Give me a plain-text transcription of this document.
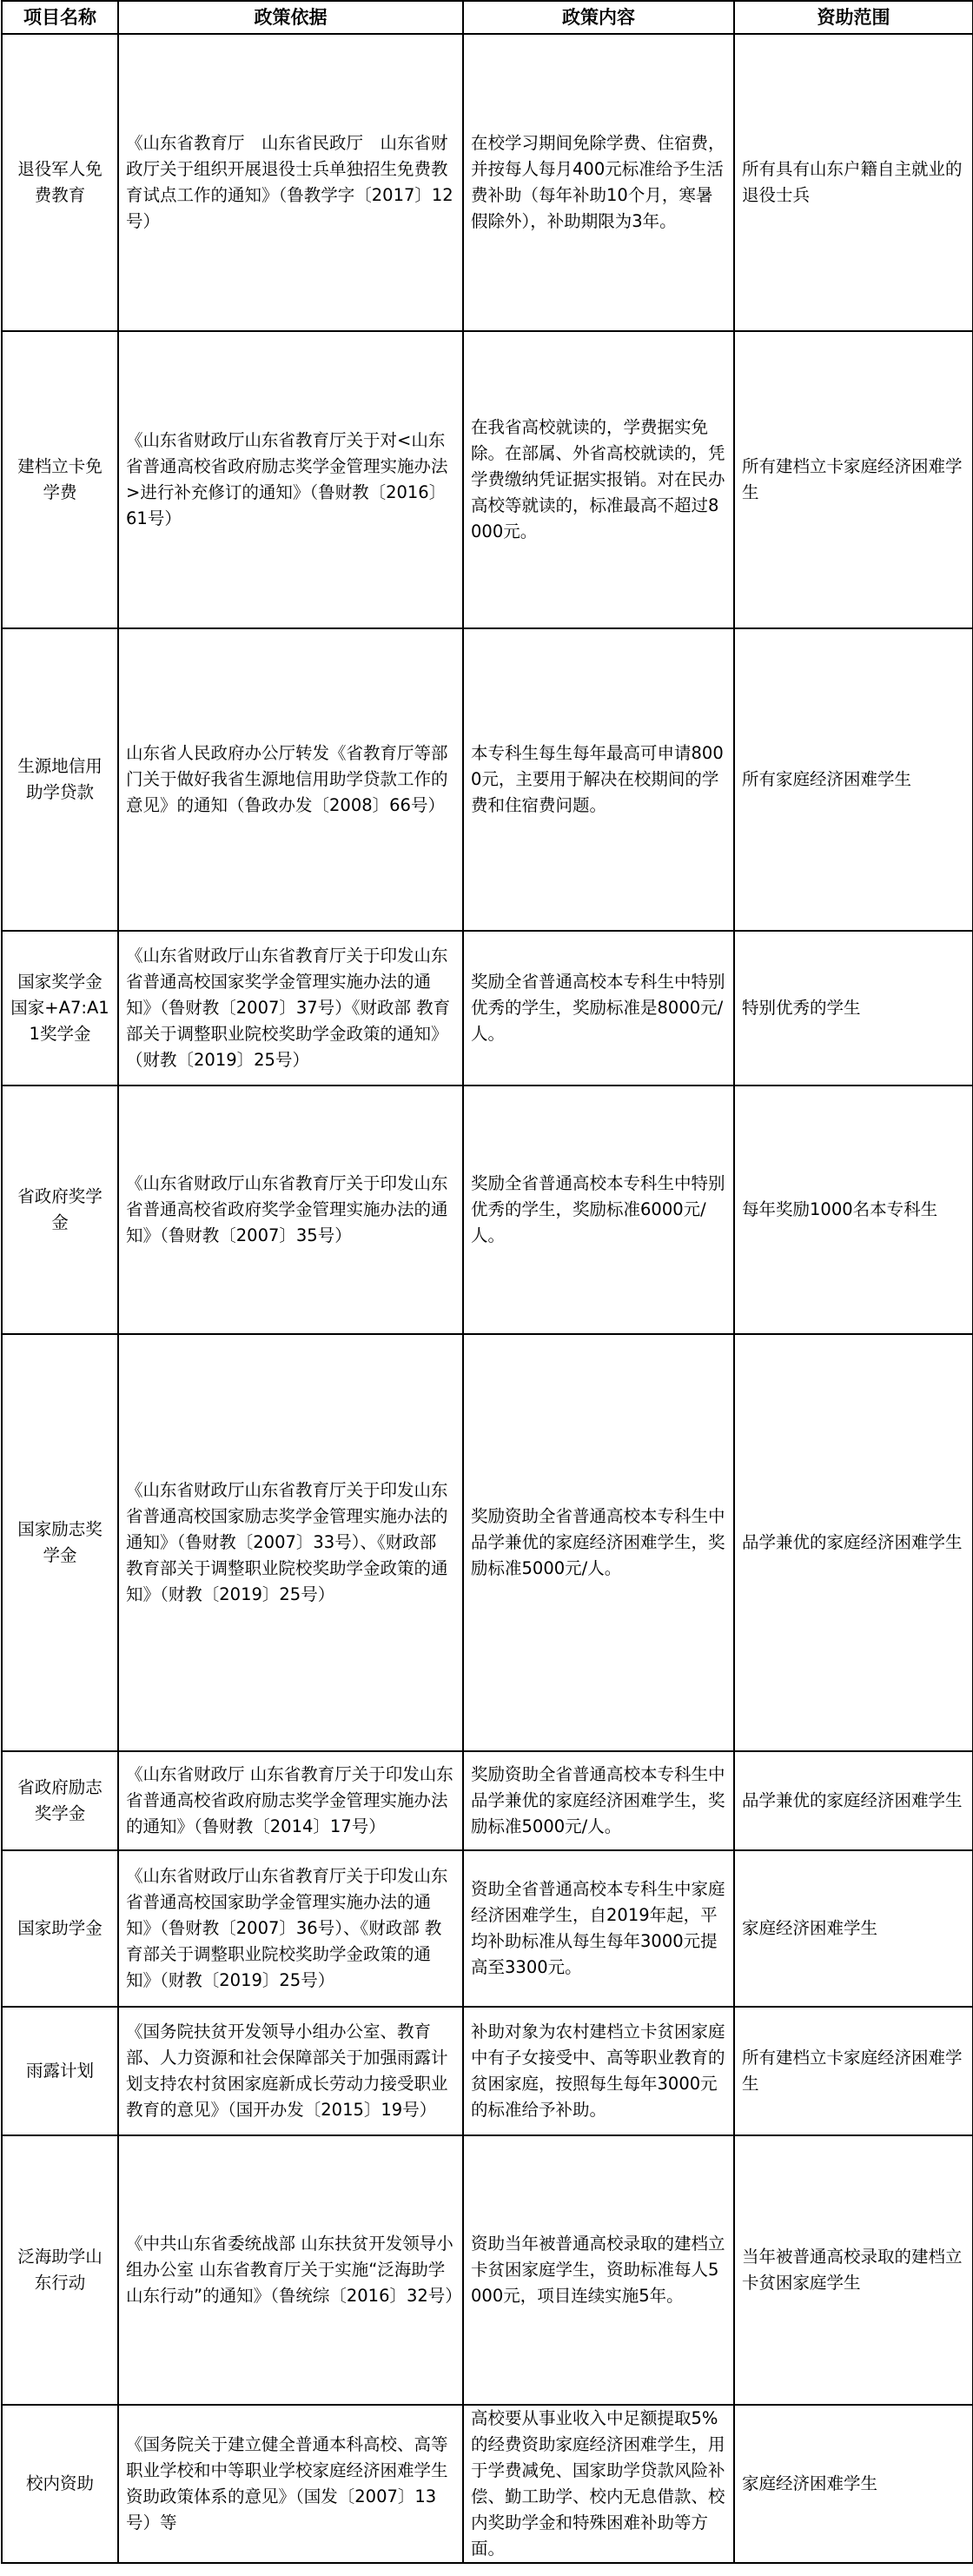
项目名称	政策依据	政策内容	资助范围
退役军人免费教育	《山东省教育厅　山东省民政厅　山东省财政厅关于组织开展退役士兵单独招生免费教育试点工作的通知》（鲁教学字〔2017〕12号）	在校学习期间免除学费、住宿费，并按每人每月400元标准给予生活费补助（每年补助10个月，寒暑假除外），补助期限为3年。	所有具有山东户籍自主就业的退役士兵
建档立卡免学费	《山东省财政厅山东省教育厅关于对<山东省普通高校省政府励志奖学金管理实施办法>进行补充修订的通知》（鲁财教〔2016〕61号）	在我省高校就读的，学费据实免除。在部属、外省高校就读的，凭学费缴纳凭证据实报销。对在民办高校等就读的，标准最高不超过8000元。	所有建档立卡家庭经济困难学生
生源地信用助学贷款	山东省人民政府办公厅转发《省教育厅等部门关于做好我省生源地信用助学贷款工作的意见》的通知（鲁政办发〔2008〕66号）	本专科生每生每年最高可申请8000元，主要用于解决在校期间的学费和住宿费问题。	所有家庭经济困难学生
国家奖学金国家+A7:A11奖学金	《山东省财政厅山东省教育厅关于印发山东省普通高校国家奖学金管理实施办法的通知》（鲁财教〔2007〕37号）《财政部 教育部关于调整职业院校奖助学金政策的通知》（财教〔2019〕25号）	奖励全省普通高校本专科生中特别优秀的学生，奖励标准是8000元/人。	特别优秀的学生
省政府奖学金	《山东省财政厅山东省教育厅关于印发山东省普通高校省政府奖学金管理实施办法的通知》（鲁财教〔2007〕35号）	奖励全省普通高校本专科生中特别优秀的学生，奖励标准6000元/人。	每年奖励1000名本专科生
国家励志奖学金	《山东省财政厅山东省教育厅关于印发山东省普通高校国家励志奖学金管理实施办法的通知》（鲁财教〔2007〕33号）、《财政部 教育部关于调整职业院校奖助学金政策的通知》（财教〔2019〕25号）	奖励资助全省普通高校本专科生中品学兼优的家庭经济困难学生，奖励标准5000元/人。	品学兼优的家庭经济困难学生
省政府励志奖学金	《山东省财政厅 山东省教育厅关于印发山东省普通高校省政府励志奖学金管理实施办法的通知》（鲁财教〔2014〕17号）	奖励资助全省普通高校本专科生中品学兼优的家庭经济困难学生，奖励标准5000元/人。	品学兼优的家庭经济困难学生
国家助学金	《山东省财政厅山东省教育厅关于印发山东省普通高校国家助学金管理实施办法的通知》（鲁财教〔2007〕36号）、《财政部 教育部关于调整职业院校奖助学金政策的通知》（财教〔2019〕25号）	资助全省普通高校本专科生中家庭经济困难学生，自2019年起，平均补助标准从每生每年3000元提高至3300元。	家庭经济困难学生
雨露计划	《国务院扶贫开发领导小组办公室、教育部、人力资源和社会保障部关于加强雨露计划支持农村贫困家庭新成长劳动力接受职业教育的意见》（国开办发〔2015〕19号）	补助对象为农村建档立卡贫困家庭中有子女接受中、高等职业教育的贫困家庭，按照每生每年3000元的标准给予补助。	所有建档立卡家庭经济困难学生
泛海助学山东行动	《中共山东省委统战部 山东扶贫开发领导小组办公室 山东省教育厅关于实施“泛海助学山东行动”的通知》（鲁统综〔2016〕32号）	资助当年被普通高校录取的建档立卡贫困家庭学生，资助标准每人5000元，项目连续实施5年。	当年被普通高校录取的建档立卡贫困家庭学生
校内资助	《国务院关于建立健全普通本科高校、高等职业学校和中等职业学校家庭经济困难学生资助政策体系的意见》（国发〔2007〕13号）等	高校要从事业收入中足额提取5%的经费资助家庭经济困难学生，用于学费减免、国家助学贷款风险补偿、勤工助学、校内无息借款、校内奖助学金和特殊困难补助等方面。	家庭经济困难学生
